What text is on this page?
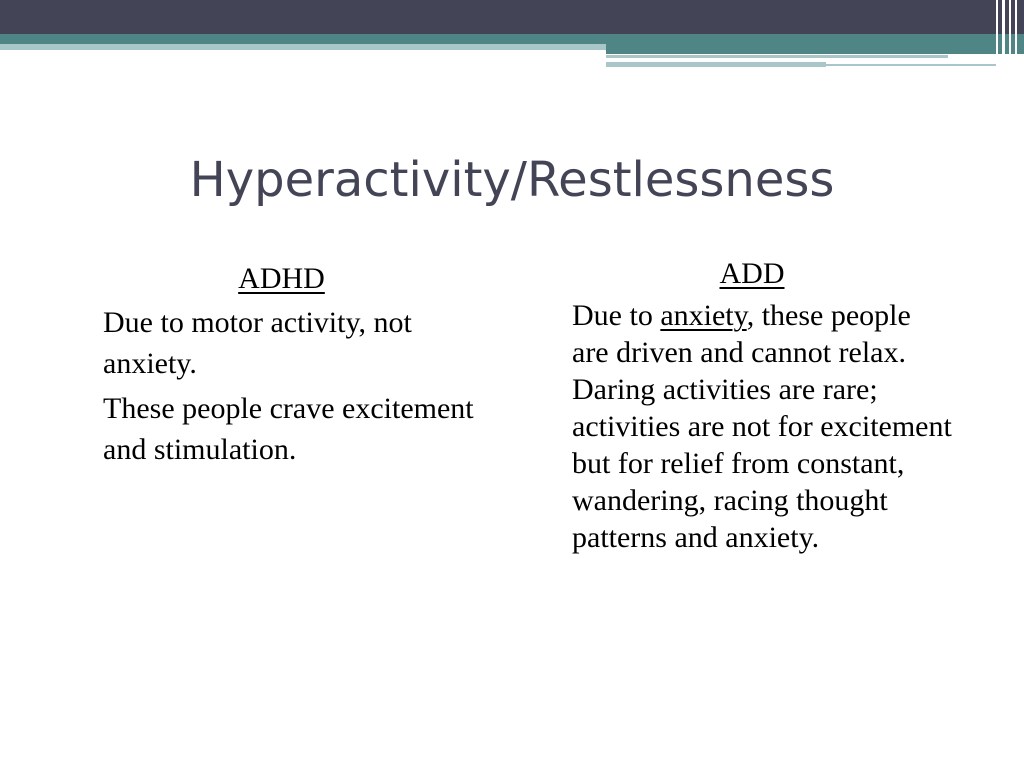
Hyperactivity/Restlessness
ADHD

Due to motor activity, not anxiety.

These people crave excitement and stimulation.

ADD

Due to anxiety, these people are driven and cannot relax. Daring activities are rare; activities are not for excitement but for relief from constant, wandering, racing thought patterns and anxiety.
